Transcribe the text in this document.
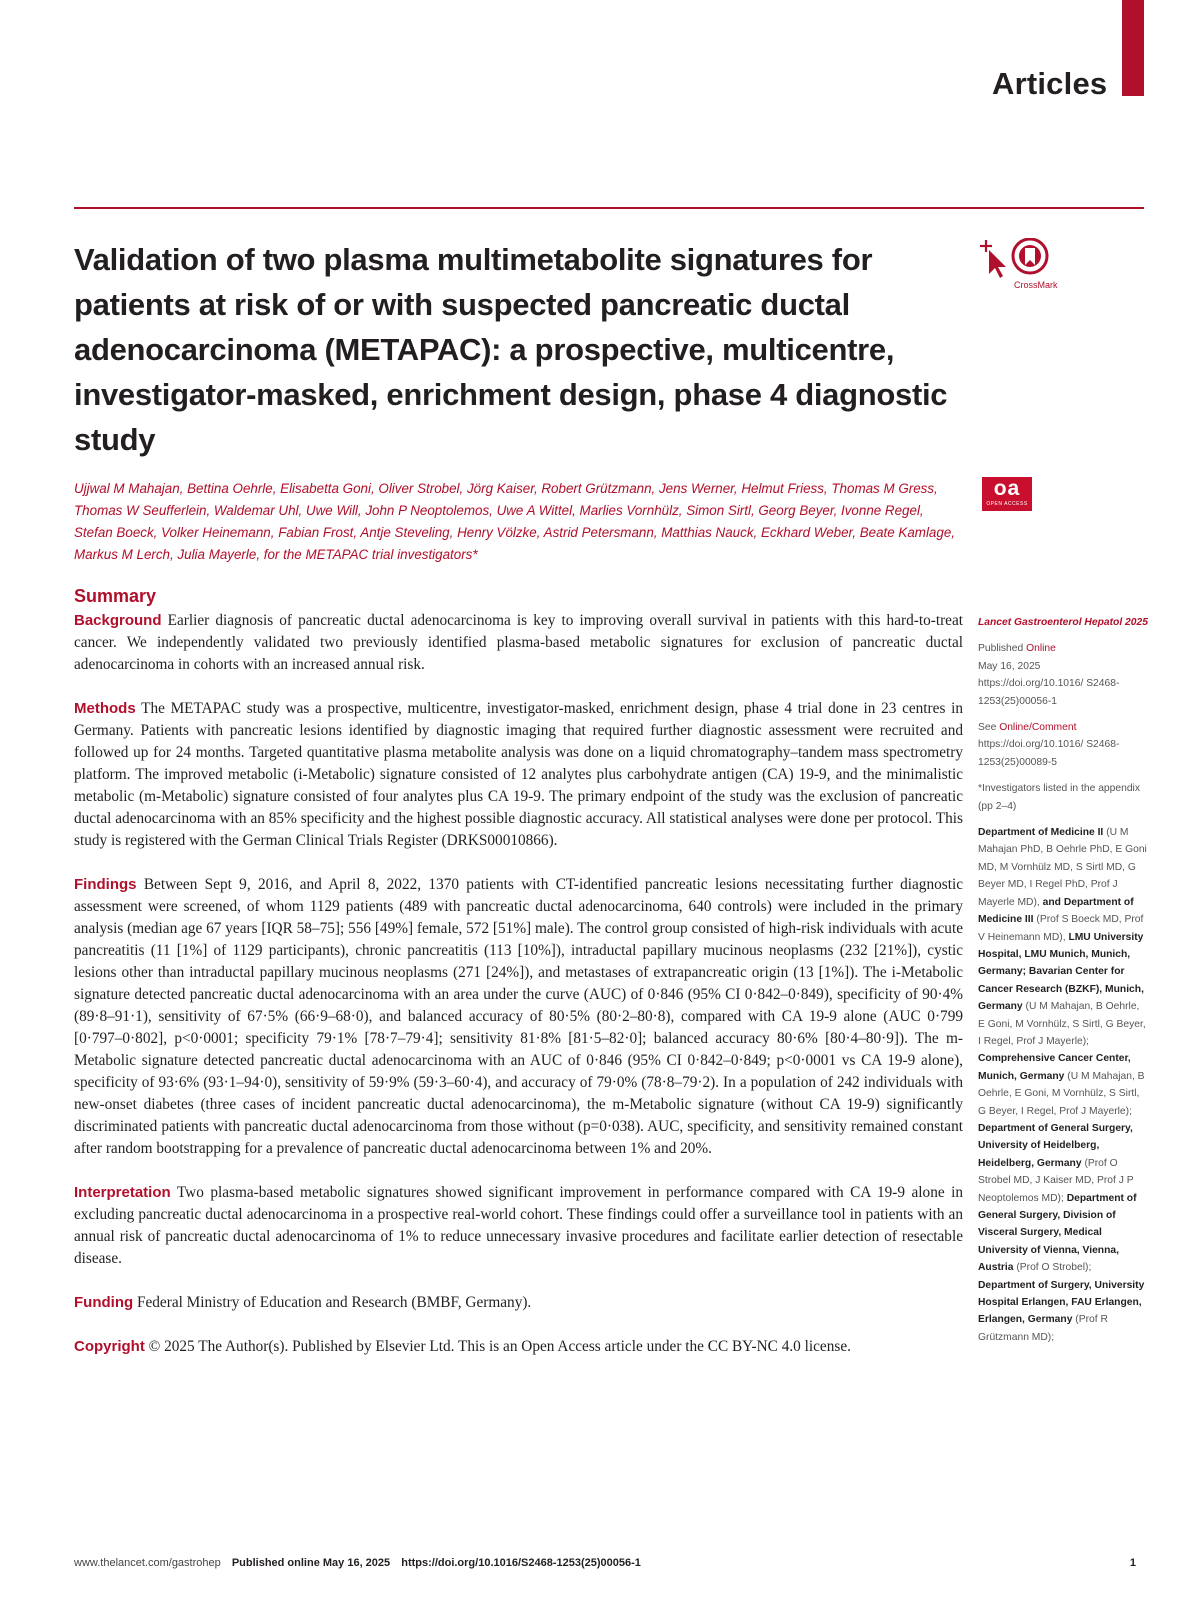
Articles
Validation of two plasma multimetabolite signatures for patients at risk of or with suspected pancreatic ductal adenocarcinoma (METAPAC): a prospective, multicentre, investigator-masked, enrichment design, phase 4 diagnostic study
CrossMark
oa
OPEN ACCESS

Ujjwal M Mahajan, Bettina Oehrle, Elisabetta Goni, Oliver Strobel, Jörg Kaiser, Robert Grützmann, Jens Werner, Helmut Friess, Thomas M Gress, Thomas W Seufferlein, Waldemar Uhl, Uwe Will, John P Neoptolemos, Uwe A Wittel, Marlies Vornhülz, Simon Sirtl, Georg Beyer, Ivonne Regel, Stefan Boeck, Volker Heinemann, Fabian Frost, Antje Steveling, Henry Völzke, Astrid Petersmann, Matthias Nauck, Eckhard Weber, Beate Kamlage, Markus M Lerch, Julia Mayerle, for the METAPAC trial investigators*

Summary

Background Earlier diagnosis of pancreatic ductal adenocarcinoma is key to improving overall survival in patients with this hard-to-treat cancer. We independently validated two previously identified plasma-based metabolic signatures for exclusion of pancreatic ductal adenocarcinoma in cohorts with an increased annual risk.

Methods The METAPAC study was a prospective, multicentre, investigator-masked, enrichment design, phase 4 trial done in 23 centres in Germany. Patients with pancreatic lesions identified by diagnostic imaging that required further diagnostic assessment were recruited and followed up for 24 months. Targeted quantitative plasma metabolite analysis was done on a liquid chromatography–tandem mass spectrometry platform. The improved metabolic (i-Metabolic) signature consisted of 12 analytes plus carbohydrate antigen (CA) 19-9, and the minimalistic metabolic (m-Metabolic) signature consisted of four analytes plus CA 19-9. The primary endpoint of the study was the exclusion of pancreatic ductal adenocarcinoma with an 85% specificity and the highest possible diagnostic accuracy. All statistical analyses were done per protocol. This study is registered with the German Clinical Trials Register (DRKS00010866).

Findings Between Sept 9, 2016, and April 8, 2022, 1370 patients with CT-identified pancreatic lesions necessitating further diagnostic assessment were screened, of whom 1129 patients (489 with pancreatic ductal adenocarcinoma, 640 controls) were included in the primary analysis (median age 67 years [IQR 58–75]; 556 [49%] female, 572 [51%] male). The control group consisted of high-risk individuals with acute pancreatitis (11 [1%] of 1129 participants), chronic pancreatitis (113 [10%]), intraductal papillary mucinous neoplasms (232 [21%]), cystic lesions other than intraductal papillary mucinous neoplasms (271 [24%]), and metastases of extrapancreatic origin (13 [1%]). The i-Metabolic signature detected pancreatic ductal adenocarcinoma with an area under the curve (AUC) of 0·846 (95% CI 0·842–0·849), specificity of 90·4% (89·8–91·1), sensitivity of 67·5% (66·9–68·0), and balanced accuracy of 80·5% (80·2–80·8), compared with CA 19-9 alone (AUC 0·799 [0·797–0·802], p<0·0001; specificity 79·1% [78·7–79·4]; sensitivity 81·8% [81·5–82·0]; balanced accuracy 80·6% [80·4–80·9]). The m-Metabolic signature detected pancreatic ductal adenocarcinoma with an AUC of 0·846 (95% CI 0·842–0·849; p<0·0001 vs CA 19-9 alone), specificity of 93·6% (93·1–94·0), sensitivity of 59·9% (59·3–60·4), and accuracy of 79·0% (78·8–79·2). In a population of 242 individuals with new-onset diabetes (three cases of incident pancreatic ductal adenocarcinoma), the m-Metabolic signature (without CA 19-9) significantly discriminated patients with pancreatic ductal adenocarcinoma from those without (p=0·038). AUC, specificity, and sensitivity remained constant after random bootstrapping for a prevalence of pancreatic ductal adenocarcinoma between 1% and 20%.

Interpretation Two plasma-based metabolic signatures showed significant improvement in performance compared with CA 19-9 alone in excluding pancreatic ductal adenocarcinoma in a prospective real-world cohort. These findings could offer a surveillance tool in patients with an annual risk of pancreatic ductal adenocarcinoma of 1% to reduce unnecessary invasive procedures and facilitate earlier detection of resectable disease.

Funding Federal Ministry of Education and Research (BMBF, Germany).

Copyright © 2025 The Author(s). Published by Elsevier Ltd. This is an Open Access article under the CC BY-NC 4.0 license.

Lancet Gastroenterol Hepatol 2025
Published Online
May 16, 2025
https://doi.org/10.1016/ S2468-1253(25)00056-1
See Online/Comment
https://doi.org/10.1016/ S2468-1253(25)00089-5
*Investigators listed in the appendix (pp 2–4)
Department of Medicine II (U M Mahajan PhD, B Oehrle PhD, E Goni MD, M Vornhülz MD, S Sirtl MD, G Beyer MD, I Regel PhD, Prof J Mayerle MD), and Department of Medicine III (Prof S Boeck MD, Prof V Heinemann MD), LMU University Hospital, LMU Munich, Munich, Germany; Bavarian Center for Cancer Research (BZKF), Munich, Germany (U M Mahajan, B Oehrle, E Goni, M Vornhülz, S Sirtl, G Beyer, I Regel, Prof J Mayerle); Comprehensive Cancer Center, Munich, Germany (U M Mahajan, B Oehrle, E Goni, M Vornhülz, S Sirtl, G Beyer, I Regel, Prof J Mayerle); Department of General Surgery, University of Heidelberg, Heidelberg, Germany (Prof O Strobel MD, J Kaiser MD, Prof J P Neoptolemos MD); Department of General Surgery, Division of Visceral Surgery, Medical University of Vienna, Vienna, Austria (Prof O Strobel); Department of Surgery, University Hospital Erlangen, FAU Erlangen, Erlangen, Germany (Prof R Grützmann MD);
www.thelancet.com/gastrohep Published online May 16, 2025 https://doi.org/10.1016/S2468-1253(25)00056-1	1
